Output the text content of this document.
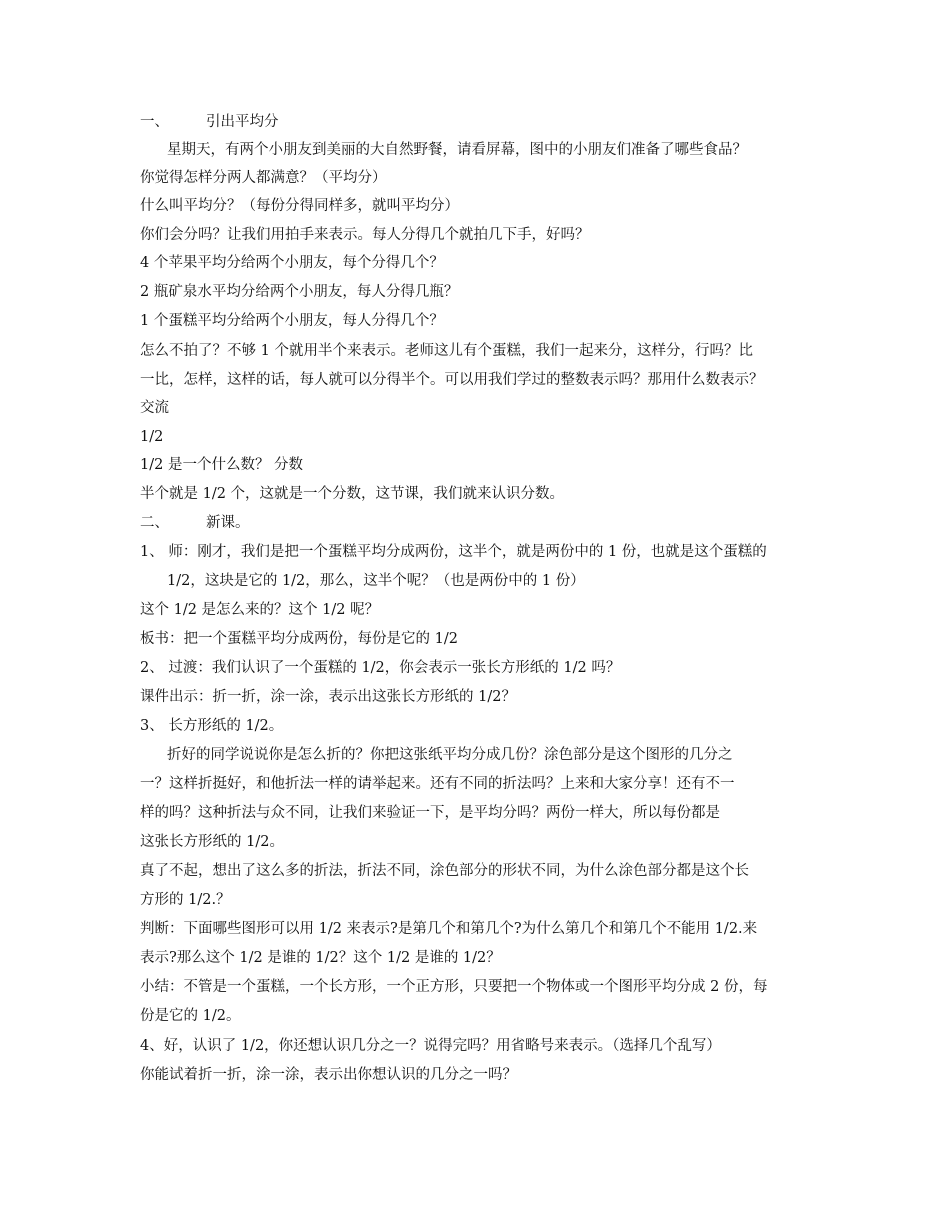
一、	引出平均分
星期天，有两个小朋友到美丽的大自然野餐，请看屏幕，图中的小朋友们准备了哪些食品？
你觉得怎样分两人都满意？（平均分）
什么叫平均分？（每份分得同样多，就叫平均分）
你们会分吗？让我们用拍手来表示。每人分得几个就拍几下手，好吗？
4 个苹果平均分给两个小朋友，每个分得几个？
2 瓶矿泉水平均分给两个小朋友，每人分得几瓶？
1 个蛋糕平均分给两个小朋友，每人分得几个？
怎么不拍了？不够 1 个就用半个来表示。老师这儿有个蛋糕，我们一起来分，这样分，行吗？比
一比，怎样，这样的话，每人就可以分得半个。可以用我们学过的整数表示吗？那用什么数表示？
交流
1/2
1/2 是一个什么数？ 分数
半个就是 1/2 个，这就是一个分数，这节课，我们就来认识分数。
二、	新课。
1、 师：刚才，我们是把一个蛋糕平均分成两份，这半个，就是两份中的 1 份，也就是这个蛋糕的
1/2，这块是它的 1/2，那么，这半个呢？（也是两份中的 1 份）
这个 1/2 是怎么来的？这个 1/2 呢？
板书：把一个蛋糕平均分成两份，每份是它的 1/2
2、 过渡：我们认识了一个蛋糕的 1/2，你会表示一张长方形纸的 1/2 吗？
课件出示：折一折，涂一涂，表示出这张长方形纸的 1/2？
3、 长方形纸的 1/2。
折好的同学说说你是怎么折的？你把这张纸平均分成几份？涂色部分是这个图形的几分之
一？这样折挺好，和他折法一样的请举起来。还有不同的折法吗？上来和大家分享！还有不一
样的吗？这种折法与众不同，让我们来验证一下，是平均分吗？两份一样大，所以每份都是
这张长方形纸的 1/2。
真了不起，想出了这么多的折法，折法不同，涂色部分的形状不同，为什么涂色部分都是这个长
方形的 1/2.？
判断：下面哪些图形可以用 1/2 来表示?是第几个和第几个?为什么第几个和第几个不能用 1/2.来
表示?那么这个 1/2 是谁的 1/2？这个 1/2 是谁的 1/2？
小结：不管是一个蛋糕，一个长方形，一个正方形，只要把一个物体或一个图形平均分成 2 份，每
份是它的 1/2。
4、好，认识了 1/2，你还想认识几分之一？说得完吗？用省略号来表示。（选择几个乱写）
你能试着折一折，涂一涂，表示出你想认识的几分之一吗？
